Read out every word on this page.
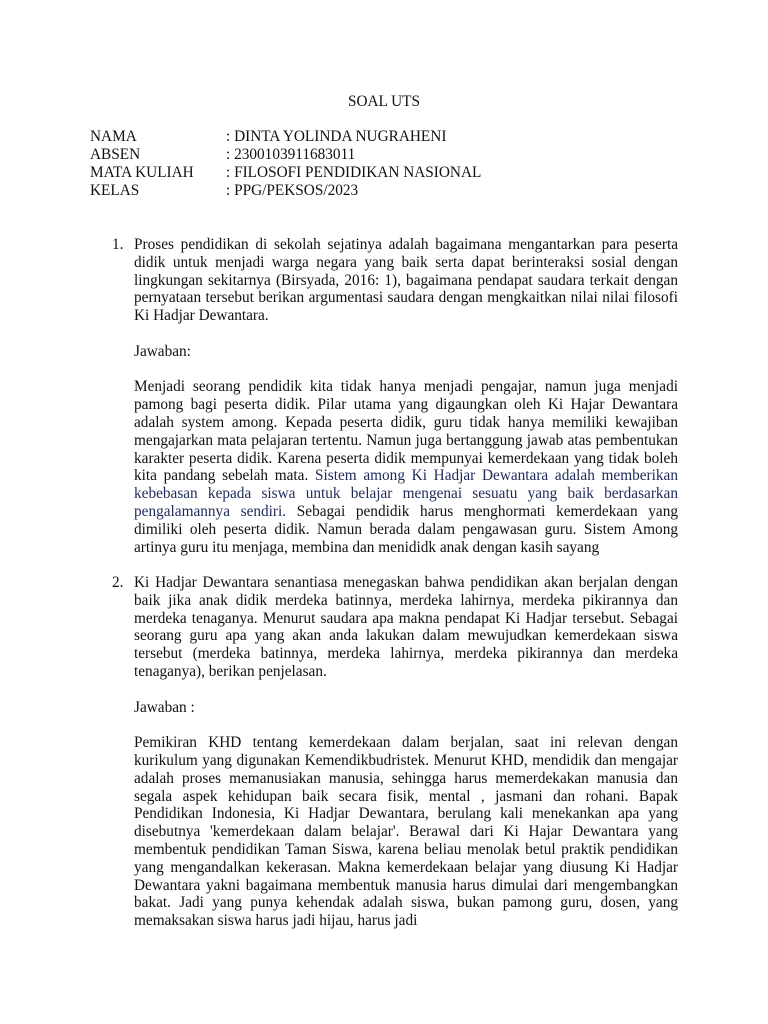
SOAL UTS
NAMA	: DINTA YOLINDA NUGRAHENI
ABSEN	: 2300103911683011
MATA KULIAH : FILOSOFI PENDIDIKAN NASIONAL
KELAS	: PPG/PEKSOS/2023
1. Proses pendidikan di sekolah sejatinya adalah bagaimana mengantarkan para peserta didik untuk menjadi warga negara yang baik serta dapat berinteraksi sosial dengan lingkungan sekitarnya (Birsyada, 2016: 1), bagaimana pendapat saudara terkait dengan pernyataan tersebut berikan argumentasi saudara dengan mengkaitkan nilai nilai filosofi Ki Hadjar Dewantara.

Jawaban:

Menjadi seorang pendidik kita tidak hanya menjadi pengajar, namun juga menjadi pamong bagi peserta didik. Pilar utama yang digaungkan oleh Ki Hajar Dewantara adalah system among. Kepada peserta didik, guru tidak hanya memiliki kewajiban mengajarkan mata pelajaran tertentu. Namun juga bertanggung jawab atas pembentukan karakter peserta didik. Karena peserta didik mempunyai kemerdekaan yang tidak boleh kita pandang sebelah mata. Sistem among Ki Hadjar Dewantara adalah memberikan kebebasan kepada siswa untuk belajar mengenai sesuatu yang baik berdasarkan pengalamannya sendiri. Sebagai pendidik harus menghormati kemerdekaan yang dimiliki oleh peserta didik. Namun berada dalam pengawasan guru. Sistem Among artinya guru itu menjaga, membina dan menididk anak dengan kasih sayang

2. Ki Hadjar Dewantara senantiasa menegaskan bahwa pendidikan akan berjalan dengan baik jika anak didik merdeka batinnya, merdeka lahirnya, merdeka pikirannya dan merdeka tenaganya. Menurut saudara apa makna pendapat Ki Hadjar tersebut. Sebagai seorang guru apa yang akan anda lakukan dalam mewujudkan kemerdekaan siswa tersebut (merdeka batinnya, merdeka lahirnya, merdeka pikirannya dan merdeka tenaganya), berikan penjelasan.

Jawaban :

Pemikiran KHD tentang kemerdekaan dalam berjalan, saat ini relevan dengan kurikulum yang digunakan Kemendikbudristek. Menurut KHD, mendidik dan mengajar adalah proses memanusiakan manusia, sehingga harus memerdekakan manusia dan segala aspek kehidupan baik secara fisik, mental , jasmani dan rohani. Bapak Pendidikan Indonesia, Ki Hadjar Dewantara, berulang kali menekankan apa yang disebutnya 'kemerdekaan dalam belajar'. Berawal dari Ki Hajar Dewantara yang membentuk pendidikan Taman Siswa, karena beliau menolak betul praktik pendidikan yang mengandalkan kekerasan. Makna kemerdekaan belajar yang diusung Ki Hadjar Dewantara yakni bagaimana membentuk manusia harus dimulai dari mengembangkan bakat. Jadi yang punya kehendak adalah siswa, bukan pamong guru, dosen, yang memaksakan siswa harus jadi hijau, harus jadi
